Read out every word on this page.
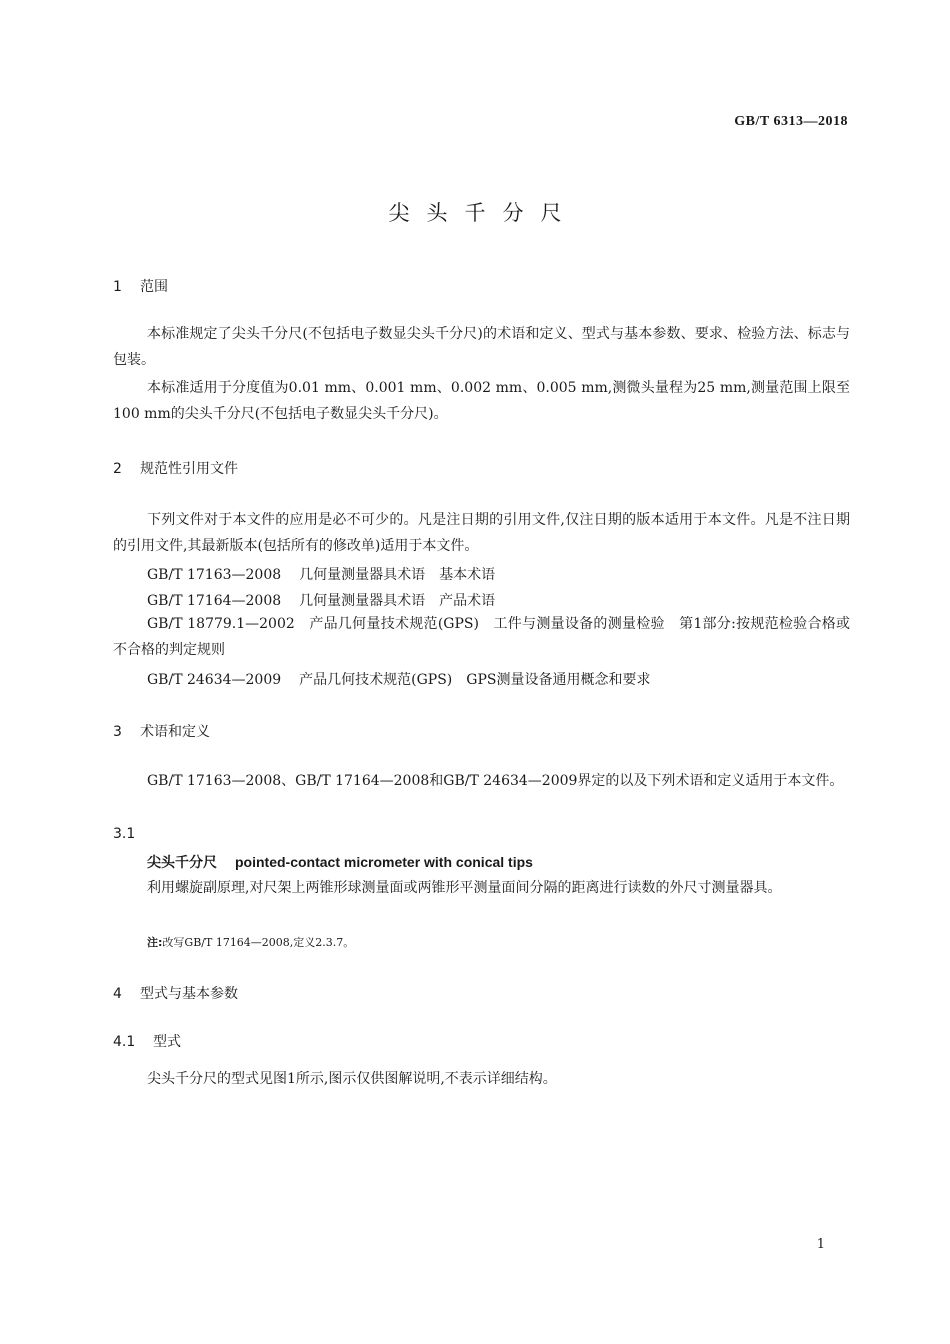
GB/T 6313—2018
尖头千分尺
1 范围

本标准规定了尖头千分尺(不包括电子数显尖头千分尺)的术语和定义、型式与基本参数、要求、检验方法、标志与包装。

本标准适用于分度值为0.01 mm、0.001 mm、0.002 mm、0.005 mm,测微头量程为25 mm,测量范围上限至100 mm的尖头千分尺(不包括电子数显尖头千分尺)。

2 规范性引用文件

下列文件对于本文件的应用是必不可少的。凡是注日期的引用文件,仅注日期的版本适用于本文件。凡是不注日期的引用文件,其最新版本(包括所有的修改单)适用于本文件。

GB/T 17163—2008 几何量测量器具术语　基本术语
GB/T 17164—2008 几何量测量器具术语　产品术语

GB/T 18779.1—2002　 产品几何量技术规范(GPS)　工件与测量设备的测量检验　第1部分:按规范检验合格或不合格的判定规则

GB/T 24634—2009 产品几何技术规范(GPS)　GPS测量设备通用概念和要求
3 术语和定义

GB/T 17163—2008、GB/T 17164—2008和GB/T 24634—2009界定的以及下列术语和定义适用于本文件。

3.1
尖头千分尺 pointed-contact micrometer with conical tips

利用螺旋副原理,对尺架上两锥形球测量面或两锥形平测量面间分隔的距离进行读数的外尺寸测量器具。

注:改写GB/T 17164—2008,定义2.3.7。
4 型式与基本参数
4.1 型式

尖头千分尺的型式见图1所示,图示仅供图解说明,不表示详细结构。

1
